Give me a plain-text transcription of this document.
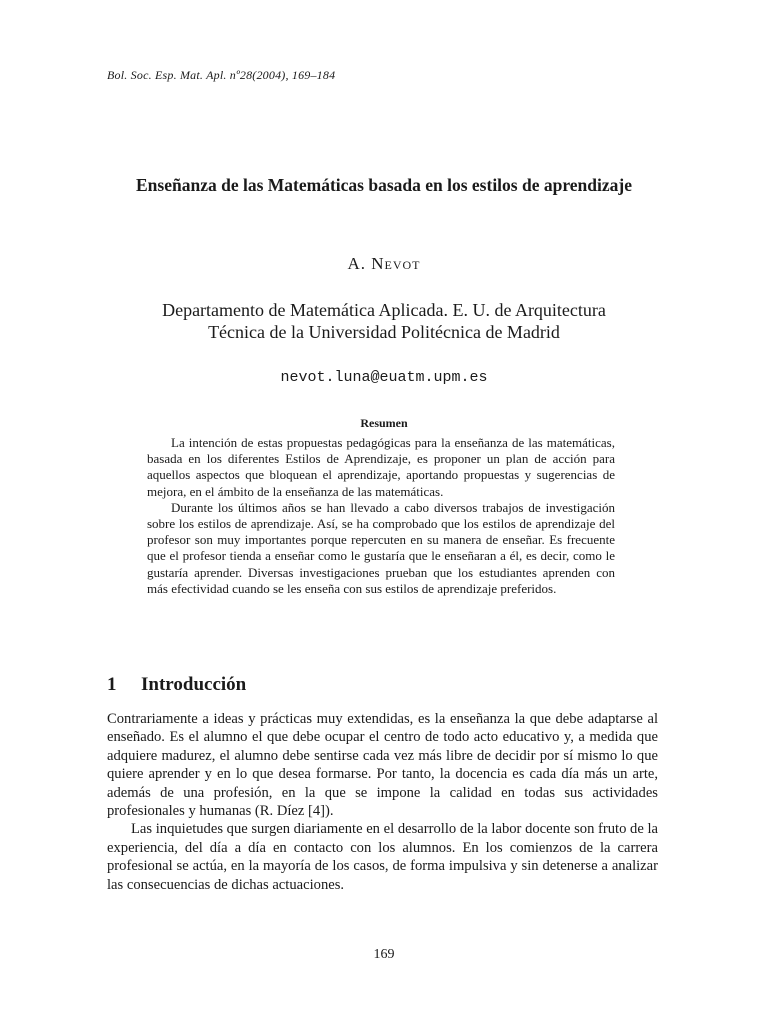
Bol. Soc. Esp. Mat. Apl. nº28(2004), 169–184
Enseñanza de las Matemáticas basada en los estilos de aprendizaje
A. Nevot
Departamento de Matemática Aplicada. E. U. de Arquitectura
Técnica de la Universidad Politécnica de Madrid
nevot.luna@euatm.upm.es
Resumen

La intención de estas propuestas pedagógicas para la enseñanza de las matemáticas, basada en los diferentes Estilos de Aprendizaje, es proponer un plan de acción para aquellos aspectos que bloquean el aprendizaje, aportando propuestas y sugerencias de mejora, en el ámbito de la enseñanza de las matemáticas.

Durante los últimos años se han llevado a cabo diversos trabajos de investigación sobre los estilos de aprendizaje. Así, se ha comprobado que los estilos de aprendizaje del profesor son muy importantes porque repercuten en su manera de enseñar. Es frecuente que el profesor tienda a enseñar como le gustaría que le enseñaran a él, es decir, como le gustaría aprender. Diversas investigaciones prueban que los estudiantes aprenden con más efectividad cuando se les enseña con sus estilos de aprendizaje preferidos.

1 Introducción

Contrariamente a ideas y prácticas muy extendidas, es la enseñanza la que debe adaptarse al enseñado. Es el alumno el que debe ocupar el centro de todo acto educativo y, a medida que adquiere madurez, el alumno debe sentirse cada vez más libre de decidir por sí mismo lo que quiere aprender y en lo que desea formarse. Por tanto, la docencia es cada día más un arte, además de una profesión, en la que se impone la calidad en todas sus actividades profesionales y humanas (R. Díez [4]).

Las inquietudes que surgen diariamente en el desarrollo de la labor docente son fruto de la experiencia, del día a día en contacto con los alumnos. En los comienzos de la carrera profesional se actúa, en la mayoría de los casos, de forma impulsiva y sin detenerse a analizar las consecuencias de dichas actuaciones.

169
